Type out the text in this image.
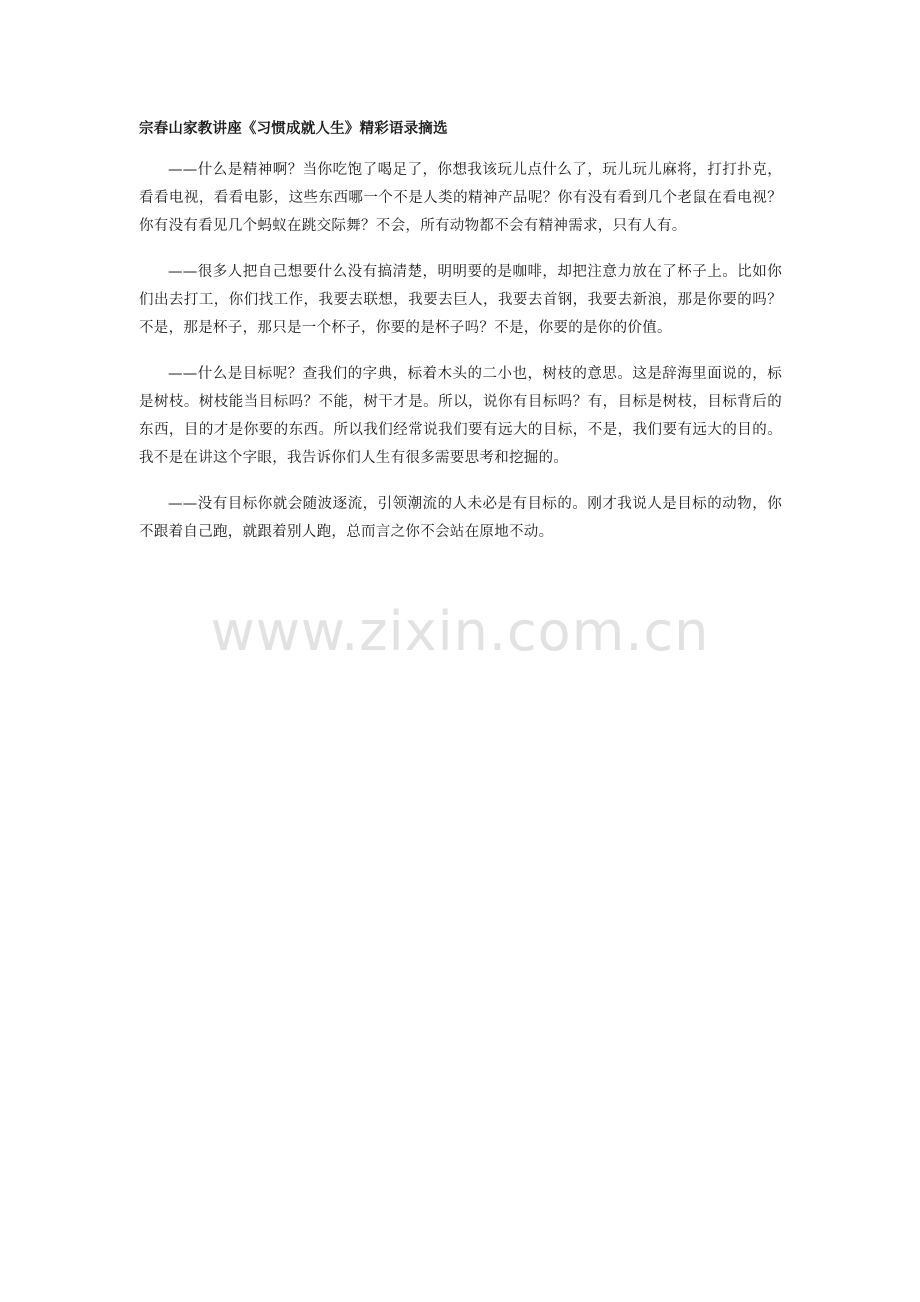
宗春山家教讲座《习惯成就人生》精彩语录摘选

——什么是精神啊？当你吃饱了喝足了，你想我该玩儿点什么了，玩儿玩儿麻将，打打扑克，看看电视，看看电影，这些东西哪一个不是人类的精神产品呢？你有没有看到几个老鼠在看电视？你有没有看见几个蚂蚁在跳交际舞？不会，所有动物都不会有精神需求，只有人有。

——很多人把自己想要什么没有搞清楚，明明要的是咖啡，却把注意力放在了杯子上。比如你们出去打工，你们找工作，我要去联想，我要去巨人，我要去首钢，我要去新浪，那是你要的吗？不是，那是杯子，那只是一个杯子，你要的是杯子吗？不是，你要的是你的价值。

——什么是目标呢？查我们的字典，标着木头的二小也，树枝的意思。这是辞海里面说的，标是树枝。树枝能当目标吗？不能，树干才是。所以，说你有目标吗？有，目标是树枝，目标背后的东西，目的才是你要的东西。所以我们经常说我们要有远大的目标，不是，我们要有远大的目的。我不是在讲这个字眼，我告诉你们人生有很多需要思考和挖掘的。

——没有目标你就会随波逐流，引领潮流的人未必是有目标的。刚才我说人是目标的动物，你不跟着自己跑，就跟着别人跑，总而言之你不会站在原地不动。

www.zixin.com.cn
